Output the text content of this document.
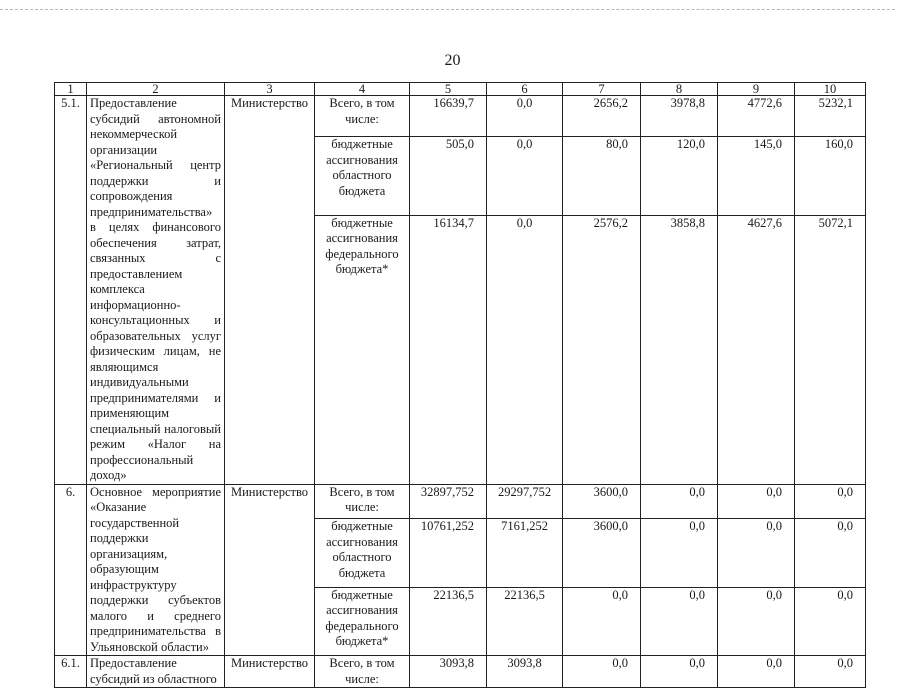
20
1	2	3	4	5	6	7	8	9	10
5.1.	Предоставление субсидий автономной некоммерческой организации «Региональный центр поддержки и сопровождения предпринимательства» в целях финансового обеспечения затрат, связанных с предоставлением комплекса информационно-консультационных и образовательных услуг физическим лицам, не являющимся индивидуальными предпринимателями и применяющим специальный налоговый режим «Налог на профессиональный доход»	Министерство	Всего, в том числе:	16639,7	0,0	2656,2	3978,8	4772,6	5232,1
			бюджетные ассигнования областного бюджета	505,0	0,0	80,0	120,0	145,0	160,0
			бюджетные ассигнования федерального бюджета*	16134,7	0,0	2576,2	3858,8	4627,6	5072,1
6.	Основное мероприятие «Оказание государственной поддержки организациям, образующим инфраструктуру поддержки субъектов малого и среднего предпринимательства в Ульяновской области»	Министерство	Всего, в том числе:	32897,752	29297,752	3600,0	0,0	0,0	0,0
			бюджетные ассигнования областного бюджета	10761,252	7161,252	3600,0	0,0	0,0	0,0
			бюджетные ассигнования федерального бюджета*	22136,5	22136,5	0,0	0,0	0,0	0,0
6.1.	Предоставление субсидий из областного	Министерство	Всего, в том числе:	3093,8	3093,8	0,0	0,0	0,0	0,0
